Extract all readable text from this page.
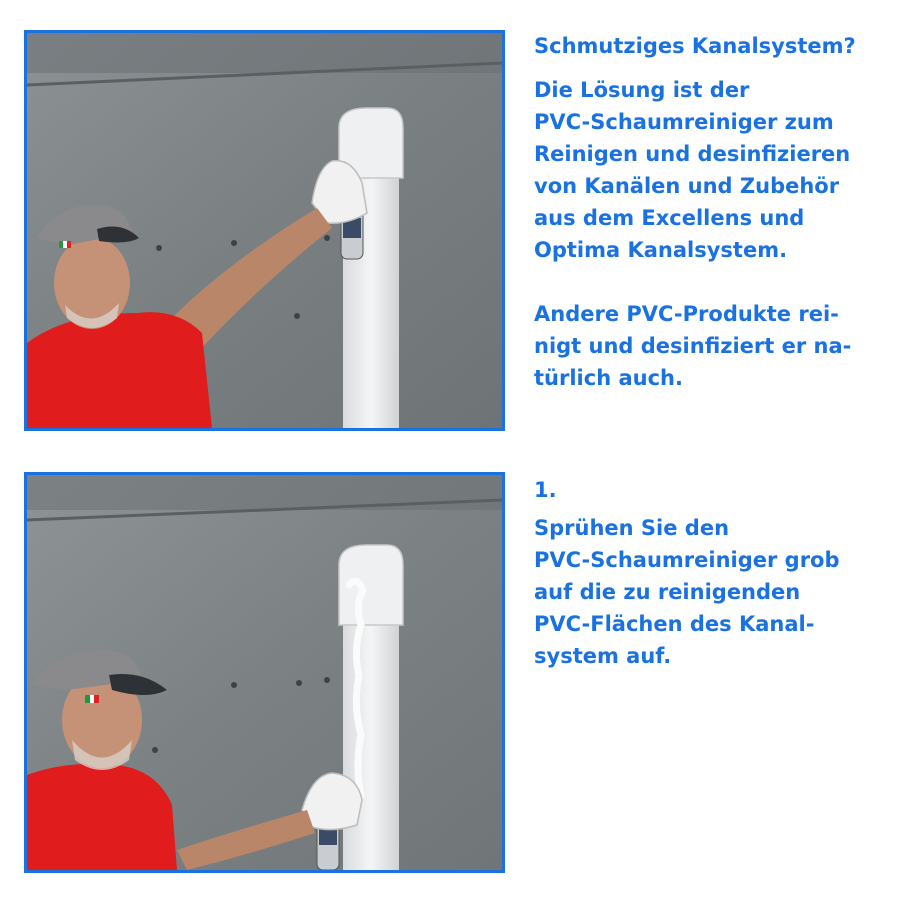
Schmutziges Kanalsystem?

Die Lösung ist der

PVC-Schaumreiniger zum

Reinigen und desinfizieren

von Kanälen und Zubehör

aus dem Excellens und

Optima Kanalsystem.

Andere PVC-Produkte rei-

nigt und desinfiziert er na-

türlich auch.

1.

Sprühen Sie den

PVC-Schaumreiniger grob

auf die zu reinigenden

PVC-Flächen des Kanal-

system auf.
